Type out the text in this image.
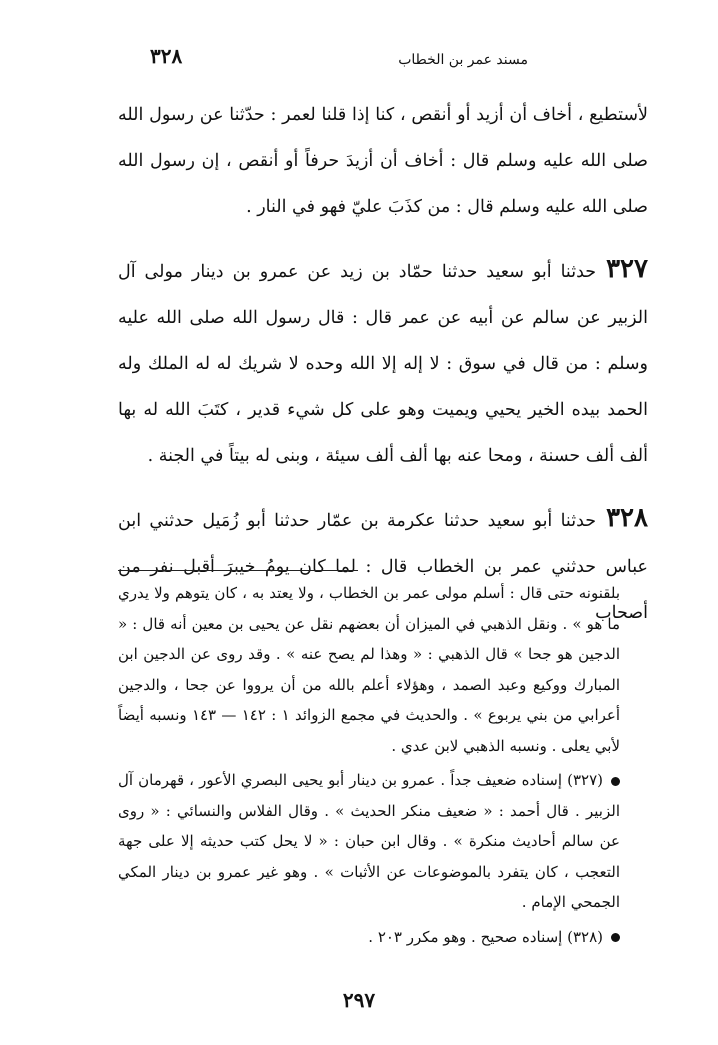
مسند عمر بن الخطاب
٣٢٨

لأستطيع ، أخاف أن أزيد أو أنقص ، كنا إذا قلنا لعمر : حدّثنا عن رسول الله صلى الله عليه وسلم قال : أخاف أن أزيدَ حرفاً أو أنقص ، إن رسول الله صلى الله عليه وسلم قال : من كذَبَ عليّ فهو في النار .

٣٢٧حدثنا أبو سعيد حدثنا حمّاد بن زيد عن عمرو بن دينار مولى آل الزبير عن سالم عن أبيه عن عمر قال : قال رسول الله صلى الله عليه وسلم : من قال في سوق : لا إله إلا الله وحده لا شريك له له الملك وله الحمد بيده الخير يحيي ويميت وهو على كل شيء قدير ، كتَبَ الله له بها ألف ألف حسنة ، ومحا عنه بها ألف ألف سيئة ، وبنى له بيتاً في الجنة .

٣٢٨حدثنا أبو سعيد حدثنا عكرمة بن عمّار حدثنا أبو زُمَيل حدثني ابن عباس حدثني عمر بن الخطاب قال : لما كان يومُ خيبرَ أقبل نفر من أصحاب

بلقنونه حتى قال : أسلم مولى عمر بن الخطاب ، ولا يعتد به ، كان يتوهم ولا يدري ما هو » . ونقل الذهبي في الميزان أن بعضهم نقل عن يحيى بن معين أنه قال : « الدجين هو جحا » قال الذهبي : « وهذا لم يصح عنه » . وقد روى عن الدجين ابن المبارك ووكيع وعبد الصمد ، وهؤلاء أعلم بالله من أن يرووا عن جحا ، والدجين أعرابي من بني يربوع » . والحديث في مجمع الزوائد ١ : ١٤٢ — ١٤٣ ونسبه أيضاً لأبي يعلى . ونسبه الذهبي لابن عدي .

(٣٢٧) إسناده ضعيف جداً . عمرو بن دينار أبو يحيى البصري الأعور ، قهرمان آل الزبير . قال أحمد : « ضعيف منكر الحديث » . وقال الفلاس والنسائي : « روى عن سالم أحاديث منكرة » . وقال ابن حبان : « لا يحل كتب حديثه إلا على جهة التعجب ، كان يتفرد بالموضوعات عن الأثبات » . وهو غير عمرو بن دينار المكي الجمحي الإمام .

(٣٢٨) إسناده صحيح . وهو مكرر ٢٠٣ .

٢٩٧
